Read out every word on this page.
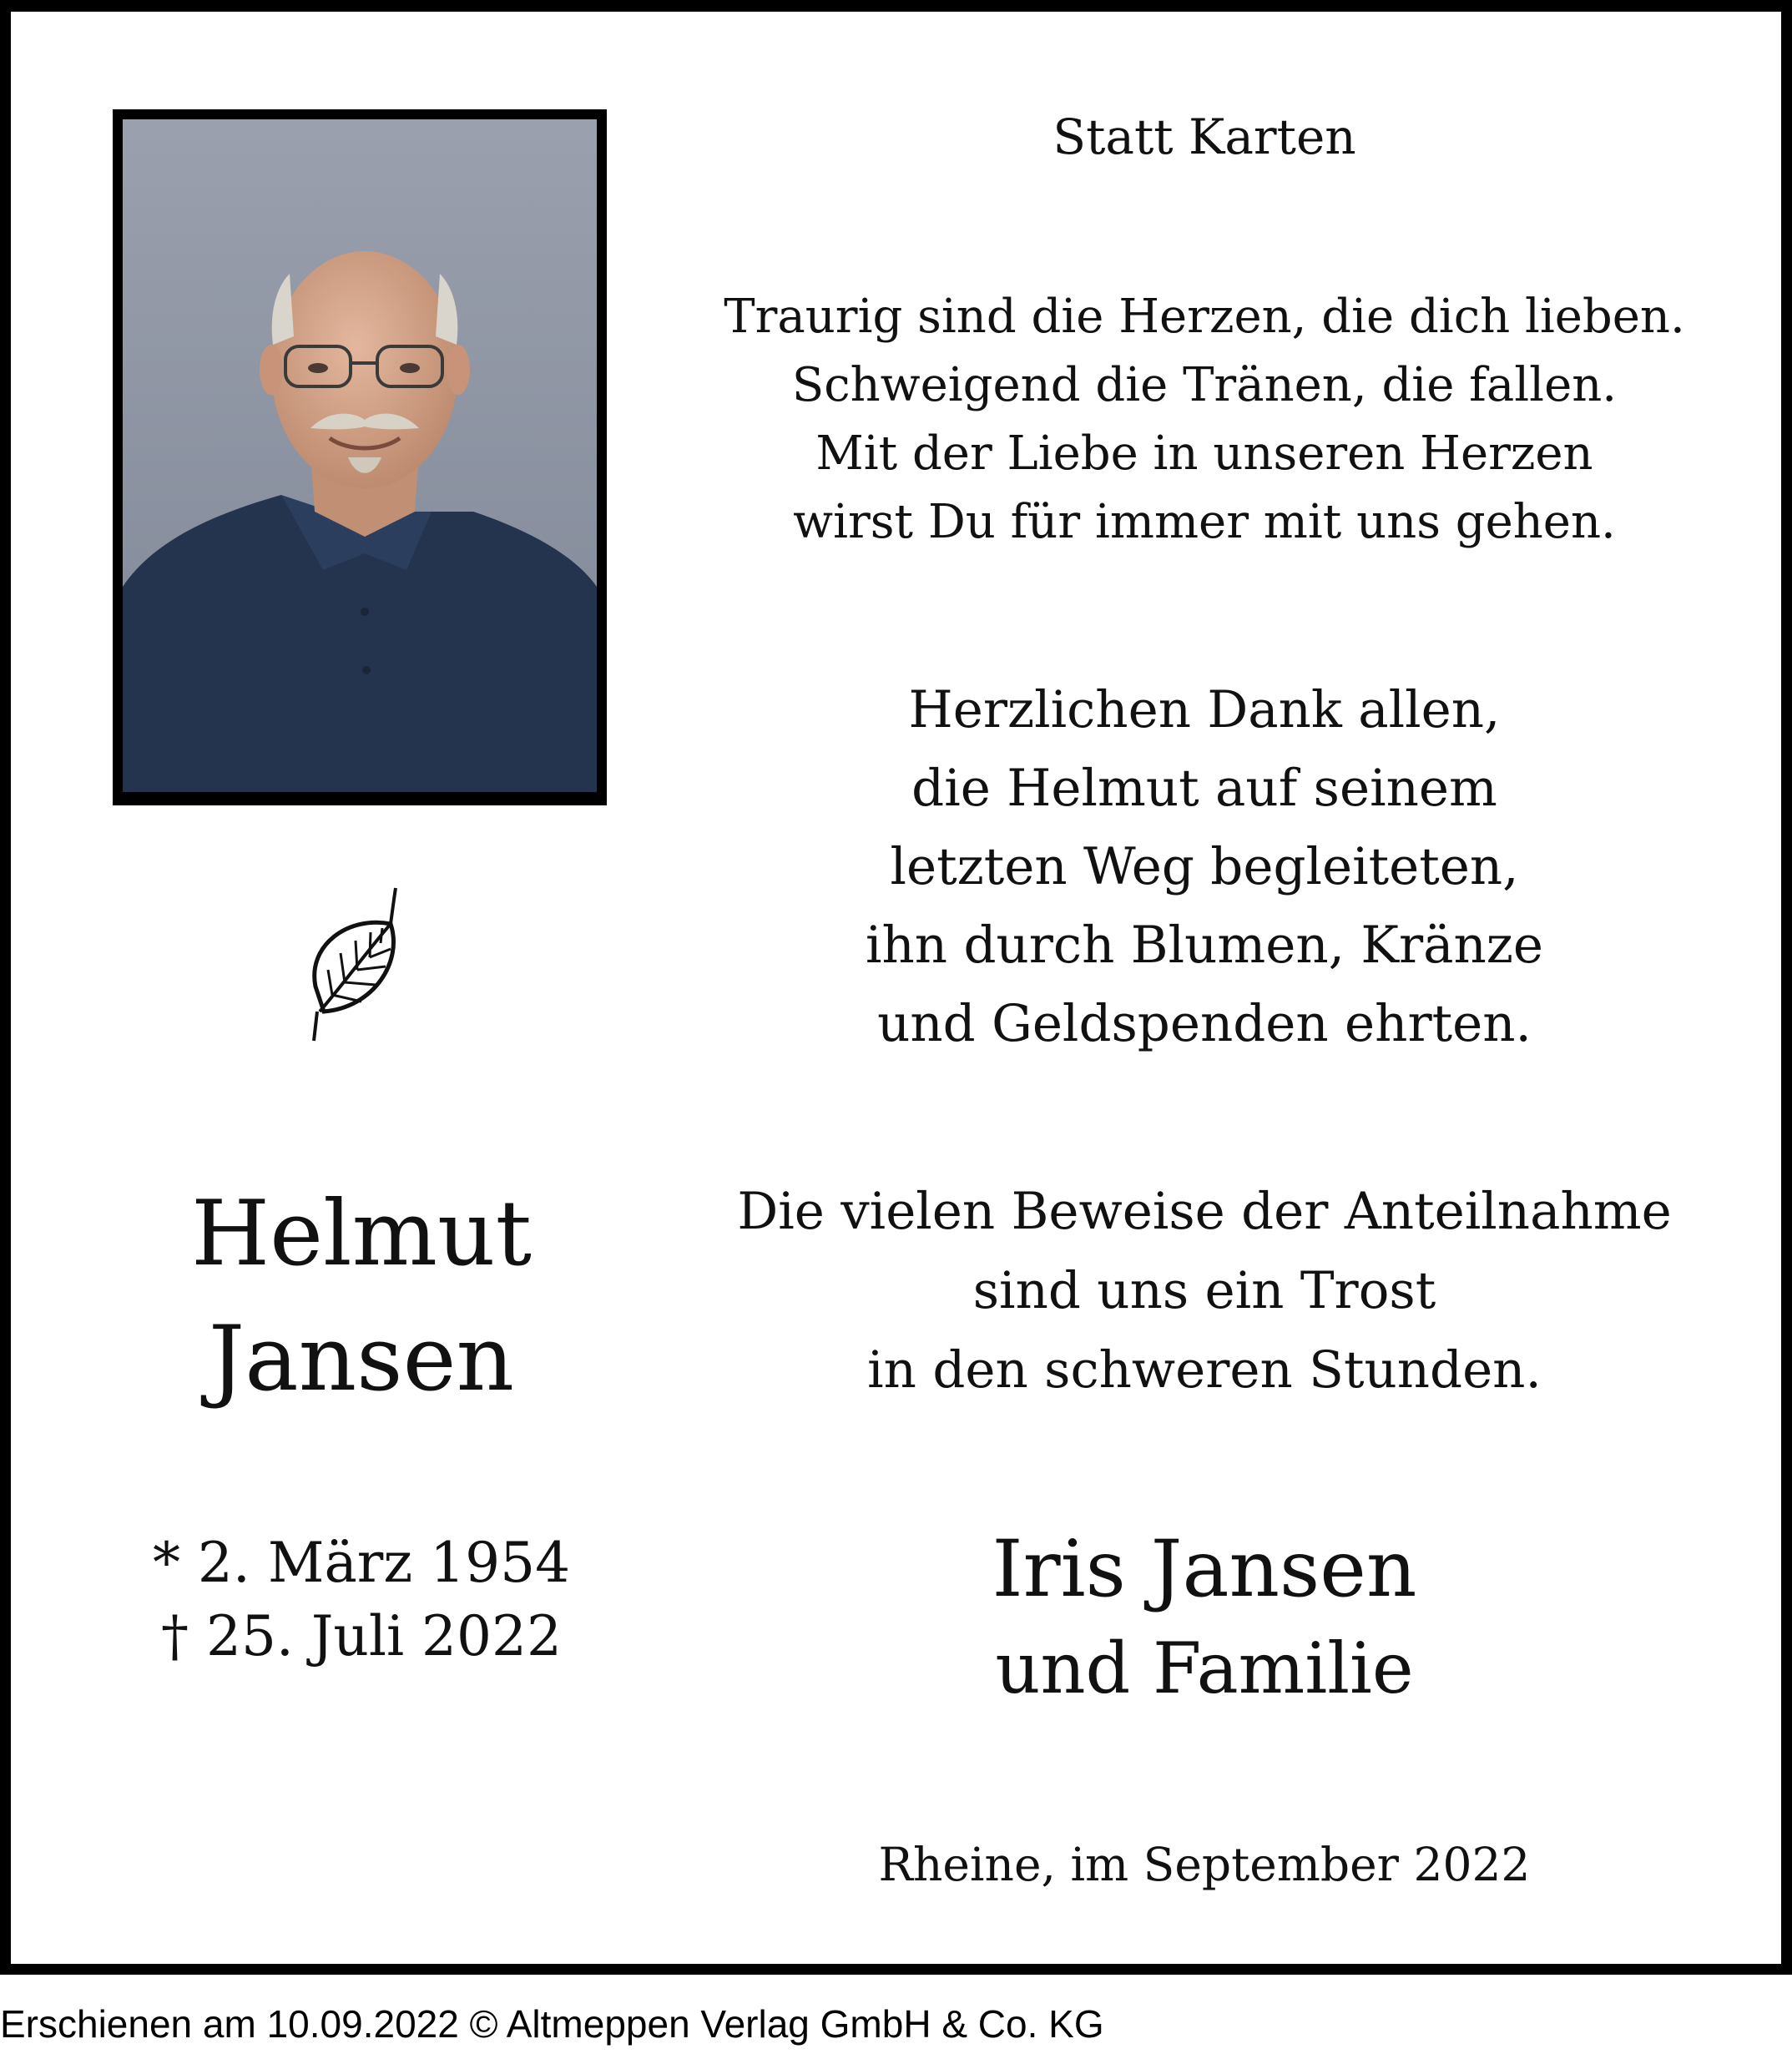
Helmut
Jansen
* 2. März 1954
† 25. Juli 2022
Statt Karten
Traurig sind die Herzen, die dich lieben.
Schweigend die Tränen, die fallen.
Mit der Liebe in unseren Herzen
wirst Du für immer mit uns gehen.
Herzlichen Dank allen,
die Helmut auf seinem
letzten Weg begleiteten,
ihn durch Blumen, Kränze
und Geldspenden ehrten.
Die vielen Beweise der Anteilnahme
sind uns ein Trost
in den schweren Stunden.
Iris Jansen
und Familie
Rheine, im September 2022
Erschienen am 10.09.2022 © Altmeppen Verlag GmbH & Co. KG
